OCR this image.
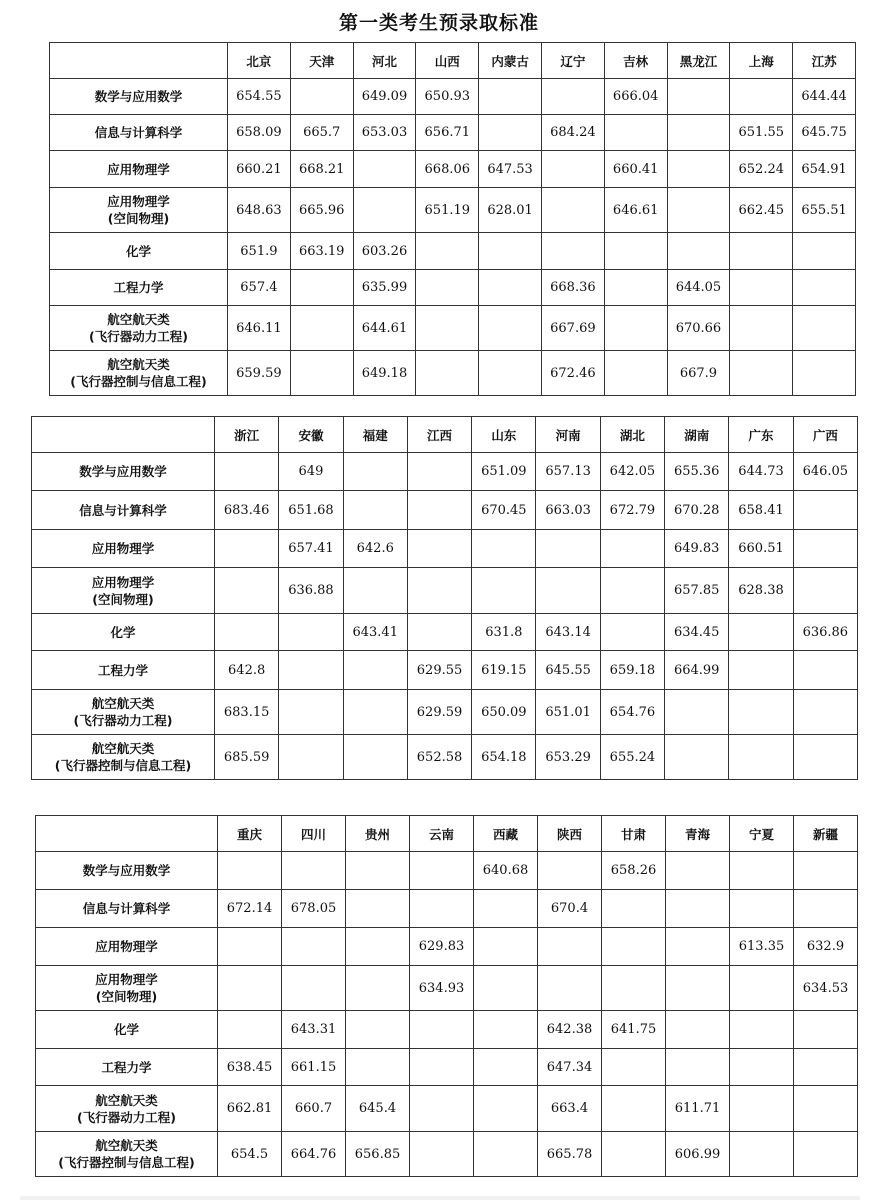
第一类考生预录取标准
	北京	天津	河北	山西	内蒙古	辽宁	吉林	黑龙江	上海	江苏

数学与应用数学	654.55		649.09	650.93			666.04			644.44

信息与计算科学	658.09	665.7	653.03	656.71		684.24			651.55	645.75

应用物理学	660.21	668.21		668.06	647.53		660.41		652.24	654.91

应用物理学
(空间物理)	648.63	665.96		651.19	628.01		646.61		662.45	655.51

化学	651.9	663.19	603.26							

工程力学	657.4		635.99			668.36		644.05		

航空航天类
(飞行器动力工程)	646.11		644.61			667.69		670.66		

航空航天类
(飞行器控制与信息工程)	659.59		649.18			672.46		667.9		
	浙江	安徽	福建	江西	山东	河南	湖北	湖南	广东	广西

数学与应用数学		649			651.09	657.13	642.05	655.36	644.73	646.05

信息与计算科学	683.46	651.68			670.45	663.03	672.79	670.28	658.41	

应用物理学		657.41	642.6					649.83	660.51	

应用物理学
(空间物理)		636.88						657.85	628.38	

化学			643.41		631.8	643.14		634.45		636.86

工程力学	642.8			629.55	619.15	645.55	659.18	664.99		

航空航天类
(飞行器动力工程)	683.15			629.59	650.09	651.01	654.76			

航空航天类
(飞行器控制与信息工程)	685.59			652.58	654.18	653.29	655.24			
	重庆	四川	贵州	云南	西藏	陕西	甘肃	青海	宁夏	新疆

数学与应用数学					640.68		658.26			

信息与计算科学	672.14	678.05				670.4				

应用物理学				629.83					613.35	632.9

应用物理学
(空间物理)				634.93						634.53

化学		643.31				642.38	641.75			

工程力学	638.45	661.15				647.34				

航空航天类
(飞行器动力工程)	662.81	660.7	645.4			663.4		611.71		

航空航天类
(飞行器控制与信息工程)	654.5	664.76	656.85			665.78		606.99		
